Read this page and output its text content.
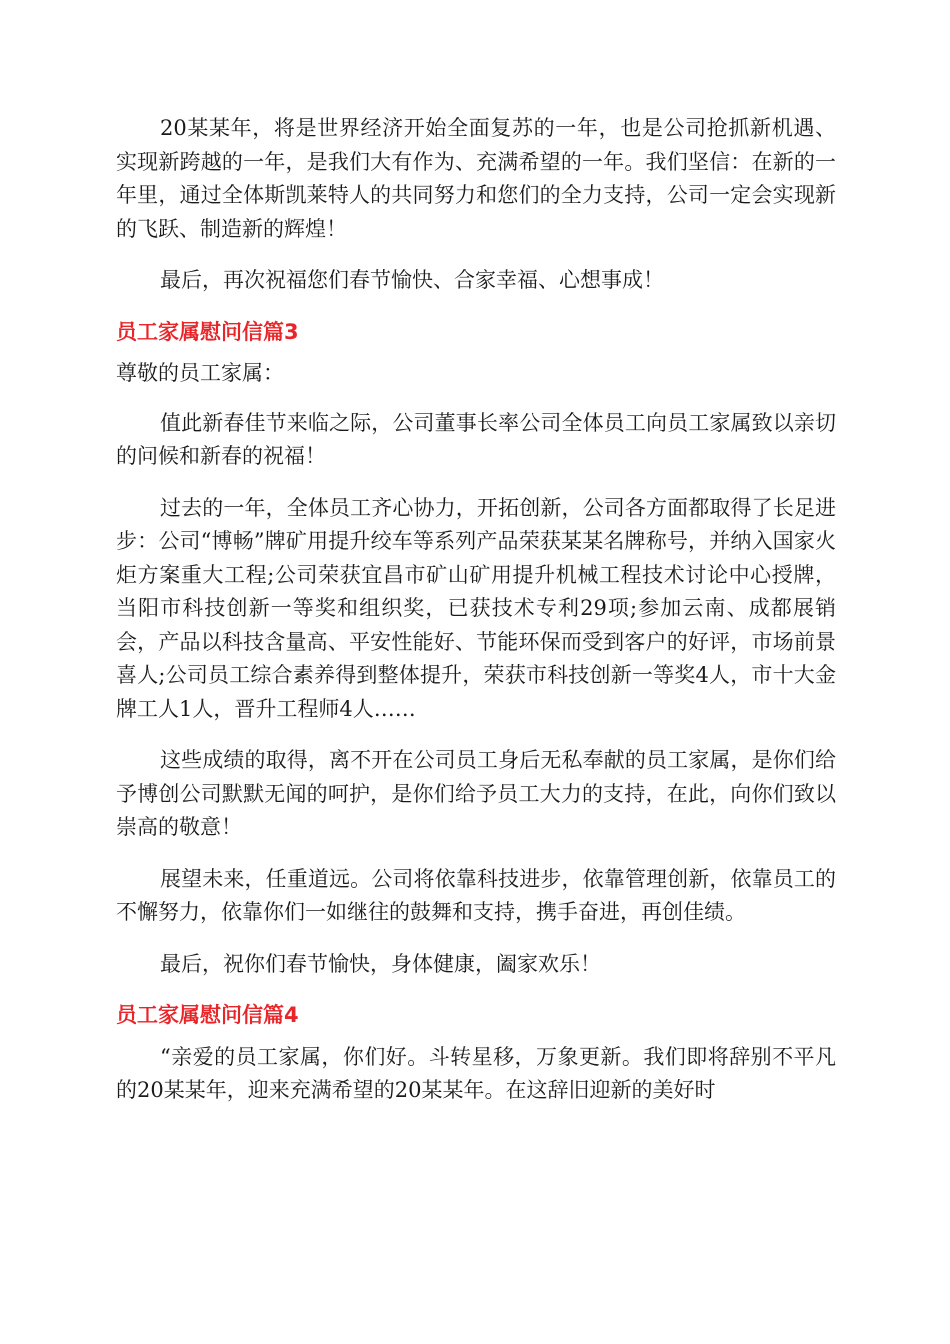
20某某年，将是世界经济开始全面复苏的一年，也是公司抢抓新机遇、实现新跨越的一年，是我们大有作为、充满希望的一年。我们坚信：在新的一年里，通过全体斯凯莱特人的共同努力和您们的全力支持，公司一定会实现新的飞跃、制造新的辉煌！

最后，再次祝福您们春节愉快、合家幸福、心想事成！

员工家属慰问信篇3

尊敬的员工家属：

值此新春佳节来临之际，公司董事长率公司全体员工向员工家属致以亲切的问候和新春的祝福！

过去的一年，全体员工齐心协力，开拓创新，公司各方面都取得了长足进步：公司“博畅”牌矿用提升绞车等系列产品荣获某某名牌称号，并纳入国家火炬方案重大工程;公司荣获宜昌市矿山矿用提升机械工程技术讨论中心授牌，当阳市科技创新一等奖和组织奖，已获技术专利29项;参加云南、成都展销会，产品以科技含量高、平安性能好、节能环保而受到客户的好评，市场前景喜人;公司员工综合素养得到整体提升，荣获市科技创新一等奖4人，市十大金牌工人1人，晋升工程师4人……

这些成绩的取得，离不开在公司员工身后无私奉献的员工家属，是你们给予博创公司默默无闻的呵护，是你们给予员工大力的支持，在此，向你们致以崇高的敬意！

展望未来，任重道远。公司将依靠科技进步，依靠管理创新，依靠员工的不懈努力，依靠你们一如继往的鼓舞和支持，携手奋进，再创佳绩。

最后，祝你们春节愉快，身体健康，阖家欢乐！

员工家属慰问信篇4

“亲爱的员工家属，你们好。斗转星移，万象更新。我们即将辞别不平凡的20某某年，迎来充满希望的20某某年。在这辞旧迎新的美好时
